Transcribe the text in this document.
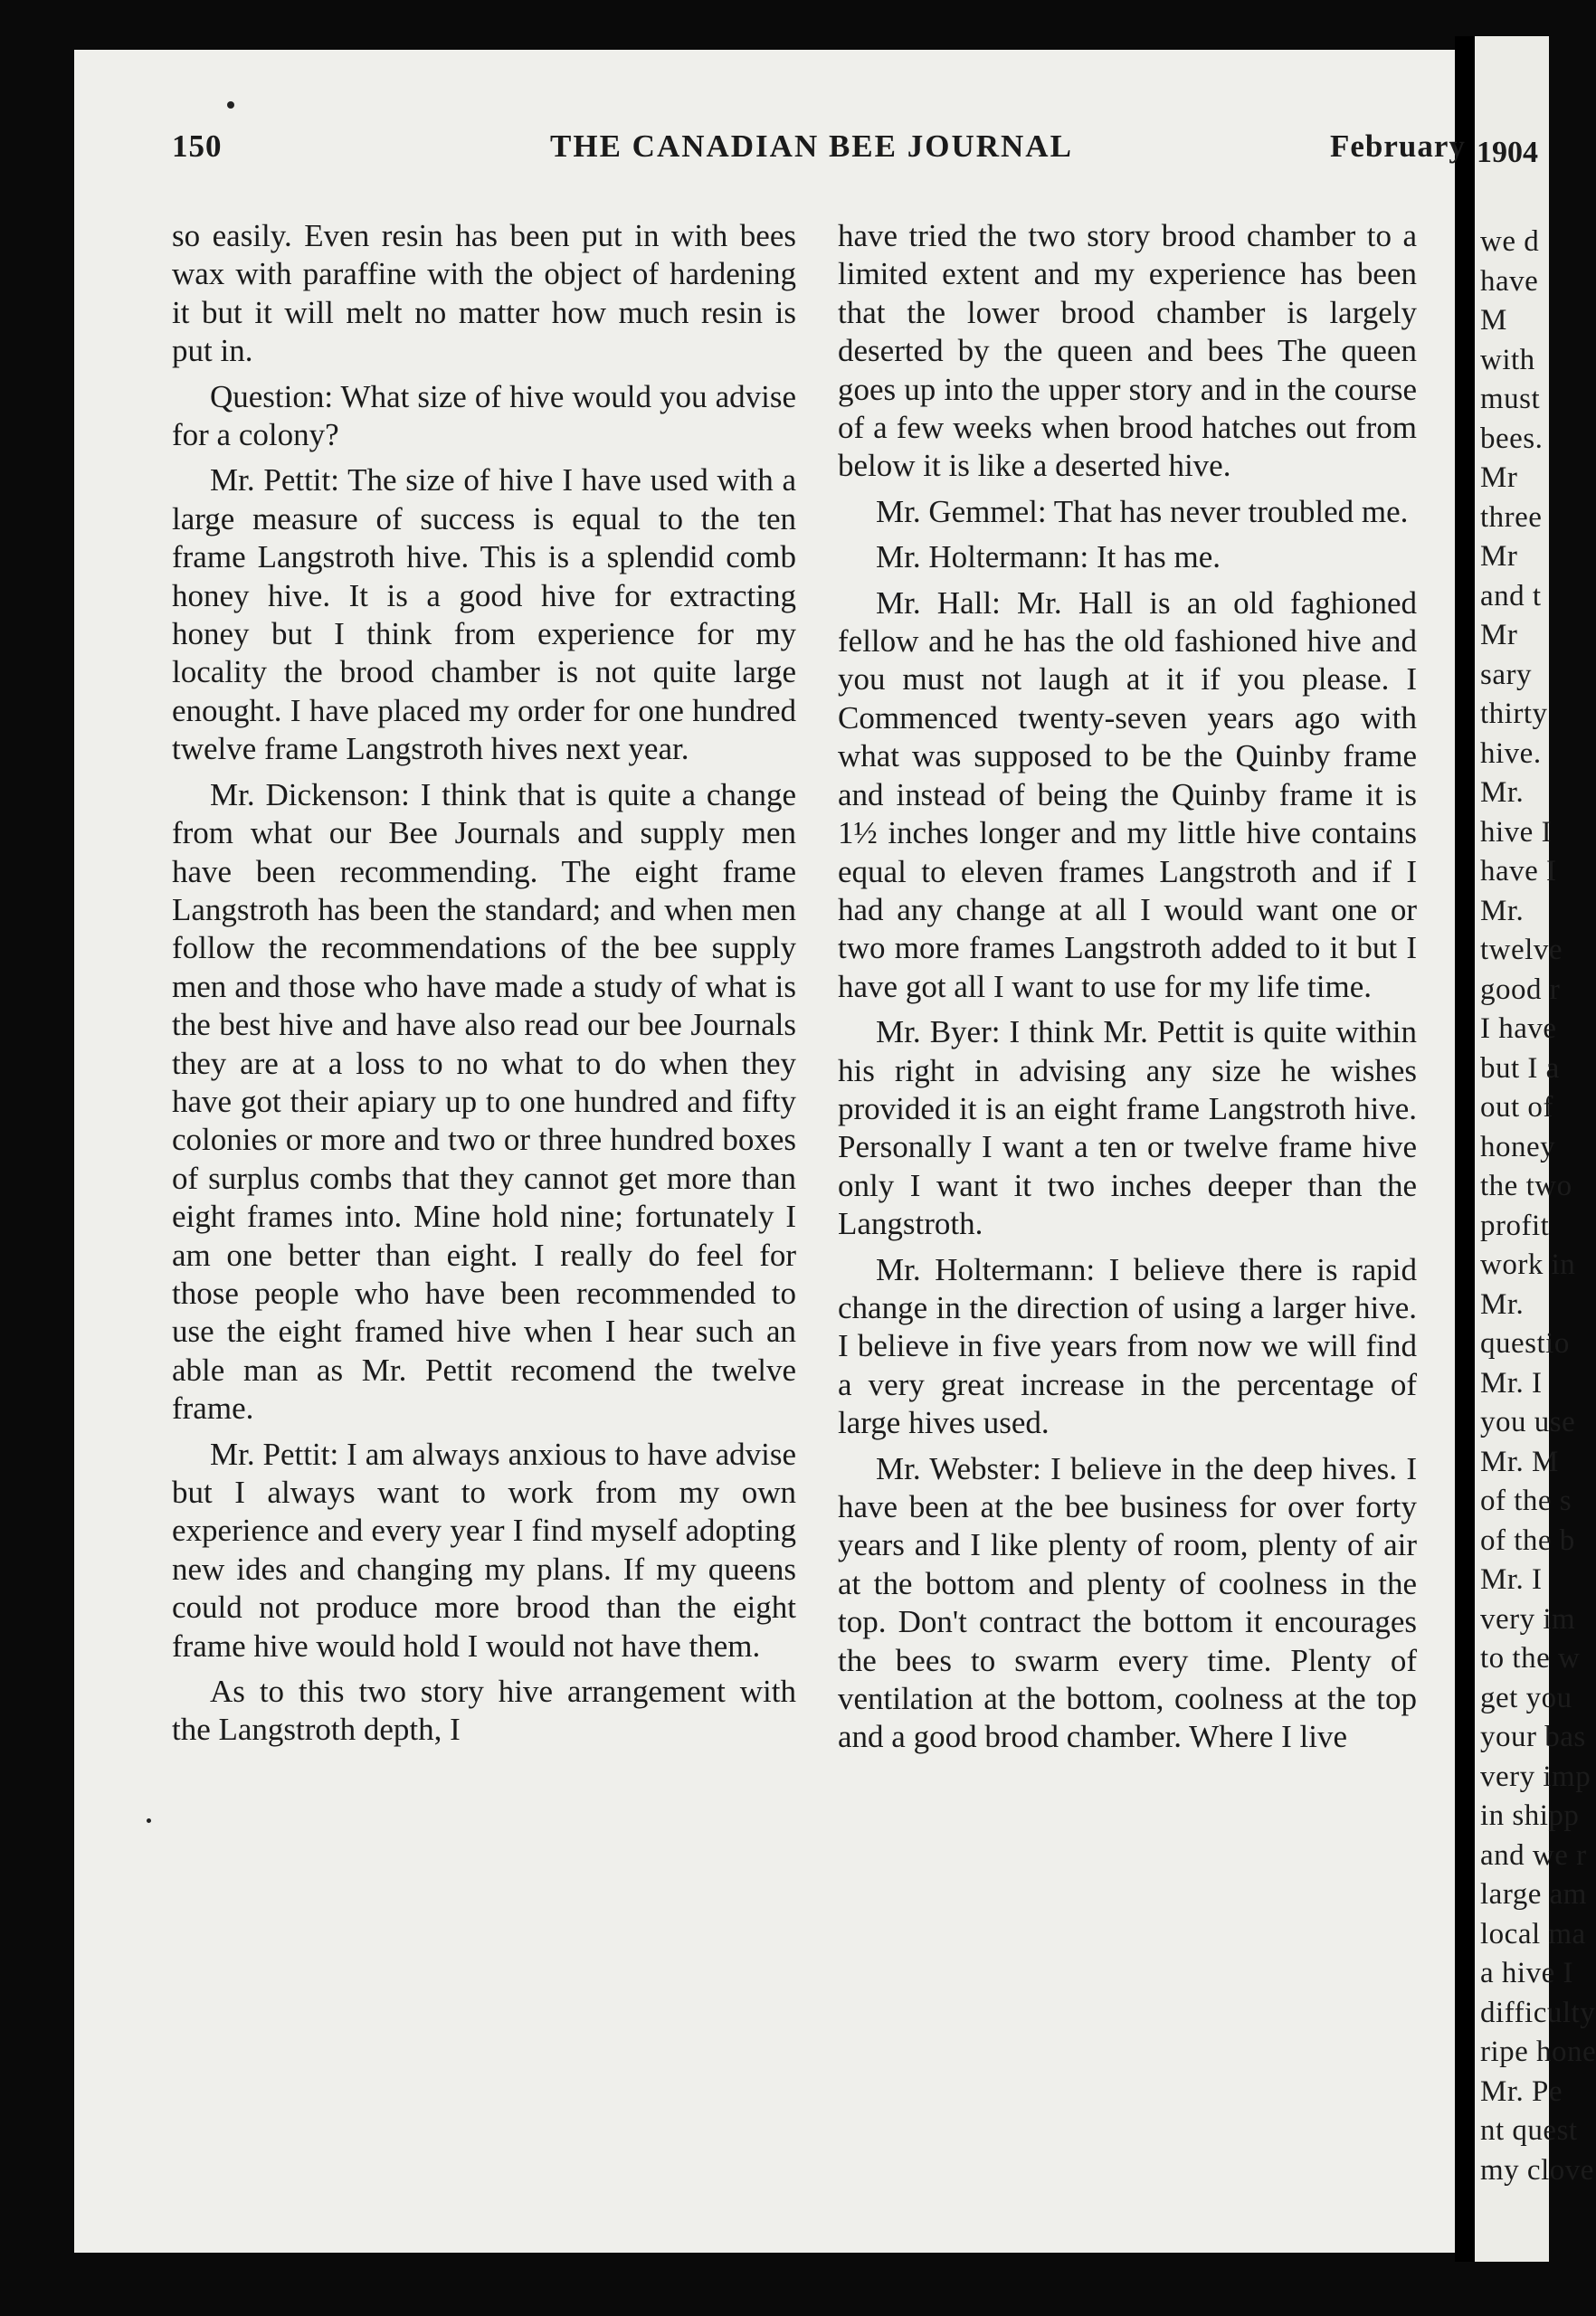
1904
we d
have
M
with
must
bees.
Mr
three
Mr
and t
Mr
sary
thirty
hive.
Mr.
hive I
have I
Mr.
twelve
good r
I have
but I a
out of
honey
the two
profit
work in
Mr.
questio
Mr. I
you use
Mr. M
of the s
of the b
Mr. I
very im
to the w
get you
your bas
very imp
in shipp
and we r
large am
local ma
a hive I
difficulty
ripe hone
Mr. Pe
nt quest
my clove
150	THE CANADIAN BEE JOURNAL	February

so easily. Even resin has been put in with bees wax with paraffine with the object of hardening it but it will melt no matter how much resin is put in.

Question: What size of hive would you advise for a colony?

Mr. Pettit: The size of hive I have used with a large measure of success is equal to the ten frame Langstroth hive. This is a splendid comb honey hive. It is a good hive for extracting honey but I think from experience for my locality the brood chamber is not quite large enought. I have placed my order for one hundred twelve frame Langstroth hives next year.

Mr. Dickenson: I think that is quite a change from what our Bee Journals and supply men have been recommending. The eight frame Langstroth has been the standard; and when men follow the recommendations of the bee supply men and those who have made a study of what is the best hive and have also read our bee Journals they are at a loss to no what to do when they have got their apiary up to one hundred and fifty colonies or more and two or three hundred boxes of surplus combs that they cannot get more than eight frames into. Mine hold nine; fortunately I am one better than eight. I really do feel for those people who have been recommended to use the eight framed hive when I hear such an able man as Mr. Pettit recomend the twelve frame.

Mr. Pettit: I am always anxious to have advise but I always want to work from my own experience and every year I find myself adopting new ides and changing my plans. If my queens could not produce more brood than the eight frame hive would hold I would not have them.

As to this two story hive arrangement with the Langstroth depth, I

have tried the two story brood chamber to a limited extent and my experience has been that the lower brood chamber is largely deserted by the queen and bees The queen goes up into the upper story and in the course of a few weeks when brood hatches out from below it is like a deserted hive.

Mr. Gemmel: That has never troubled me.

Mr. Holtermann: It has me.

Mr. Hall: Mr. Hall is an old faghioned fellow and he has the old fashioned hive and you must not laugh at it if you please. I Commenced twenty-seven years ago with what was supposed to be the Quinby frame and instead of being the Quinby frame it is 1½ inches longer and my little hive contains equal to eleven frames Langstroth and if I had any change at all I would want one or two more frames Langstroth added to it but I have got all I want to use for my life time.

Mr. Byer: I think Mr. Pettit is quite within his right in advising any size he wishes provided it is an eight frame Langstroth hive. Personally I want a ten or twelve frame hive only I want it two inches deeper than the Langstroth.

Mr. Holtermann: I believe there is rapid change in the direction of using a larger hive. I believe in five years from now we will find a very great increase in the percentage of large hives used.

Mr. Webster: I believe in the deep hives. I have been at the bee business for over forty years and I like plenty of room, plenty of air at the bottom and plenty of coolness in the top. Don't contract the bottom it encourages the bees to swarm every time. Plenty of ventilation at the bottom, coolness at the top and a good brood chamber. Where I live
